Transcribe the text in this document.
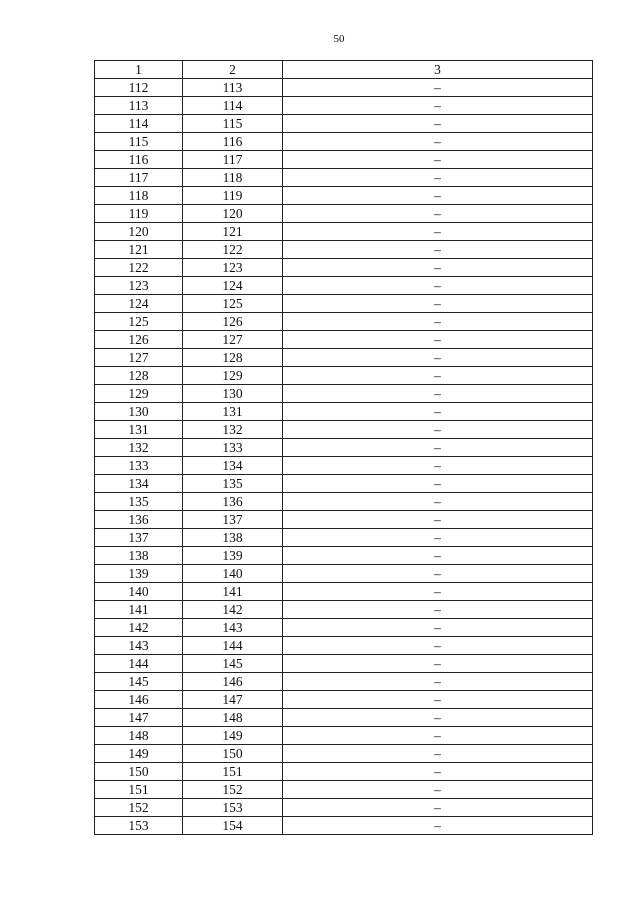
50
1	2	3
112	113	–
113	114	–
114	115	–
115	116	–
116	117	–
117	118	–
118	119	–
119	120	–
120	121	–
121	122	–
122	123	–
123	124	–
124	125	–
125	126	–
126	127	–
127	128	–
128	129	–
129	130	–
130	131	–
131	132	–
132	133	–
133	134	–
134	135	–
135	136	–
136	137	–
137	138	–
138	139	–
139	140	–
140	141	–
141	142	–
142	143	–
143	144	–
144	145	–
145	146	–
146	147	–
147	148	–
148	149	–
149	150	–
150	151	–
151	152	–
152	153	–
153	154	–
